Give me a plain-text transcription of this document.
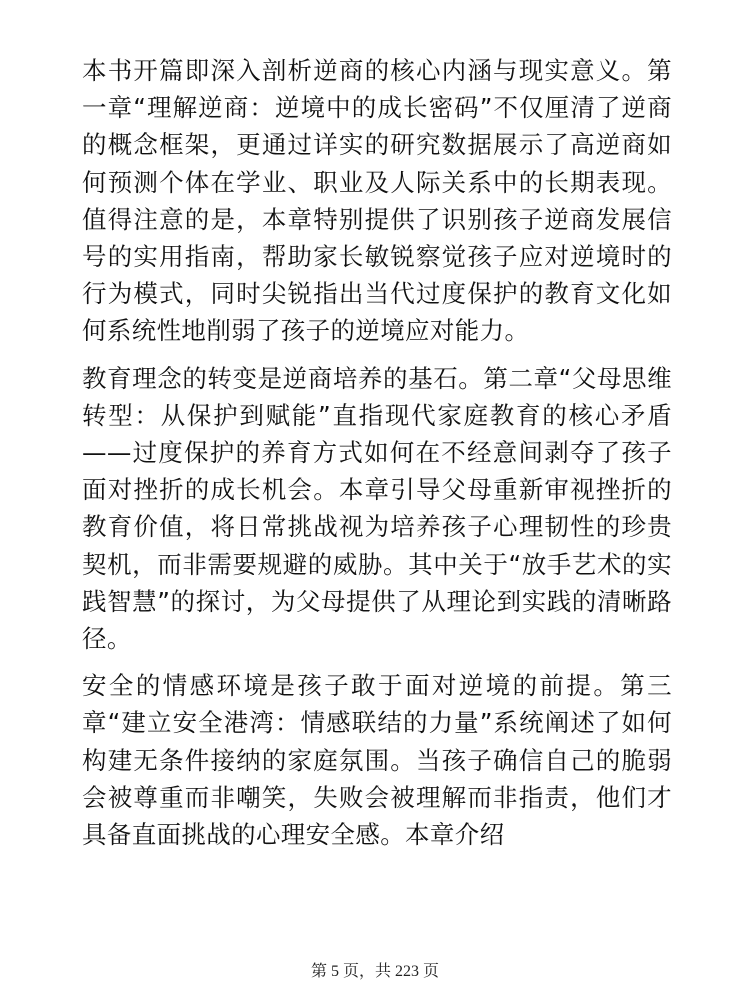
本书开篇即深入剖析逆商的核心内涵与现实意义。第一章“理解逆商：逆境中的成长密码”不仅厘清了逆商的概念框架，更通过详实的研究数据展示了高逆商如何预测个体在学业、职业及人际关系中的长期表现。值得注意的是，本章特别提供了识别孩子逆商发展信号的实用指南，帮助家长敏锐察觉孩子应对逆境时的行为模式，同时尖锐指出当代过度保护的教育文化如何系统性地削弱了孩子的逆境应对能力。

教育理念的转变是逆商培养的基石。第二章“父母思维转型：从保护到赋能”直指现代家庭教育的核心矛盾——过度保护的养育方式如何在不经意间剥夺了孩子面对挫折的成长机会。本章引导父母重新审视挫折的教育价值，将日常挑战视为培养孩子心理韧性的珍贵契机，而非需要规避的威胁。其中关于“放手艺术的实践智慧”的探讨，为父母提供了从理论到实践的清晰路径。

安全的情感环境是孩子敢于面对逆境的前提。第三章“建立安全港湾：情感联结的力量”系统阐述了如何构建无条件接纳的家庭氛围。当孩子确信自己的脆弱会被尊重而非嘲笑，失败会被理解而非指责，他们才具备直面挑战的心理安全感。本章介绍

第 5 页，共 223 页
